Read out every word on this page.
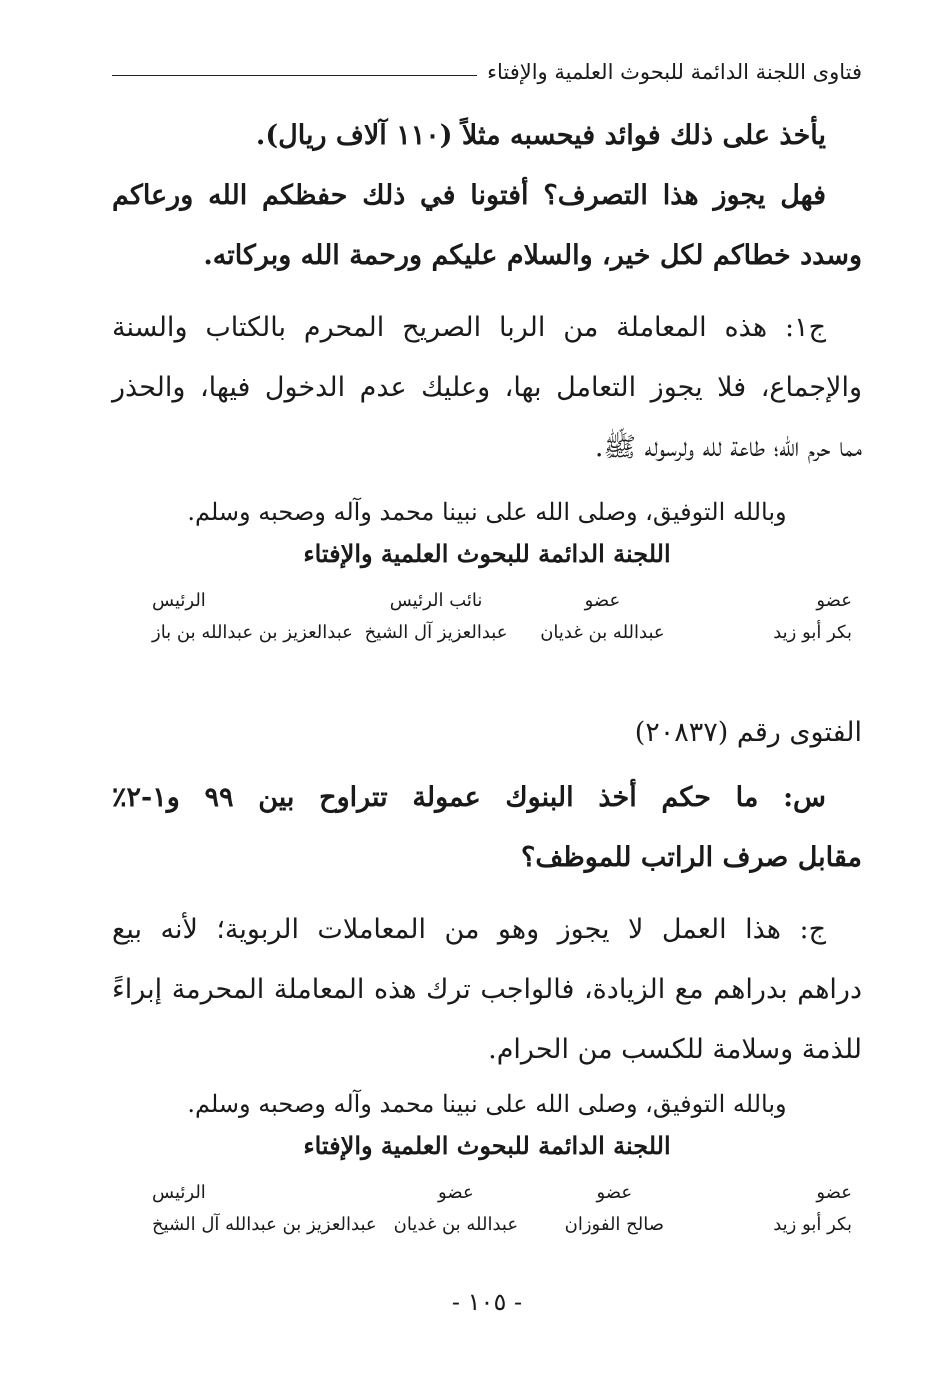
فتاوى اللجنة الدائمة للبحوث العلمية والإفتاء
يأخذ على ذلك فوائد فيحسبه مثلاً (١١٠ آلاف ريال).
فهل يجوز هذا التصرف؟ أفتونا في ذلك حفظكم الله ورعاكم
وسدد خطاكم لكل خير، والسلام عليكم ورحمة الله وبركاته.
ج١: هذه المعاملة من الربا الصريح المحرم بالكتاب والسنة
والإجماع، فلا يجوز التعامل بها، وعليك عدم الدخول فيها، والحذر
مما حرم الله؛ طاعة لله ولرسوله ﷺ.
وبالله التوفيق، وصلى الله على نبينا محمد وآله وصحبه وسلم.
اللجنة الدائمة للبحوث العلمية والإفتاء
عضو
بكر أبو زيد
عضو
عبدالله بن غديان
نائب الرئيس
عبدالعزيز آل الشيخ
الرئيس
عبدالعزيز بن عبدالله بن باز
الفتوى رقم (٢٠٨٣٧)
س: ما حكم أخذ البنوك عمولة تتراوح بين ٩٩ و١-٢٪
مقابل صرف الراتب للموظف؟
ج: هذا العمل لا يجوز وهو من المعاملات الربوية؛ لأنه بيع
دراهم بدراهم مع الزيادة، فالواجب ترك هذه المعاملة المحرمة إبراءً
للذمة وسلامة للكسب من الحرام.
وبالله التوفيق، وصلى الله على نبينا محمد وآله وصحبه وسلم.
اللجنة الدائمة للبحوث العلمية والإفتاء
عضو
بكر أبو زيد
عضو
صالح الفوزان
عضو
عبدالله بن غديان
الرئيس
عبدالعزيز بن عبدالله آل الشيخ
- ١٠٥ -
